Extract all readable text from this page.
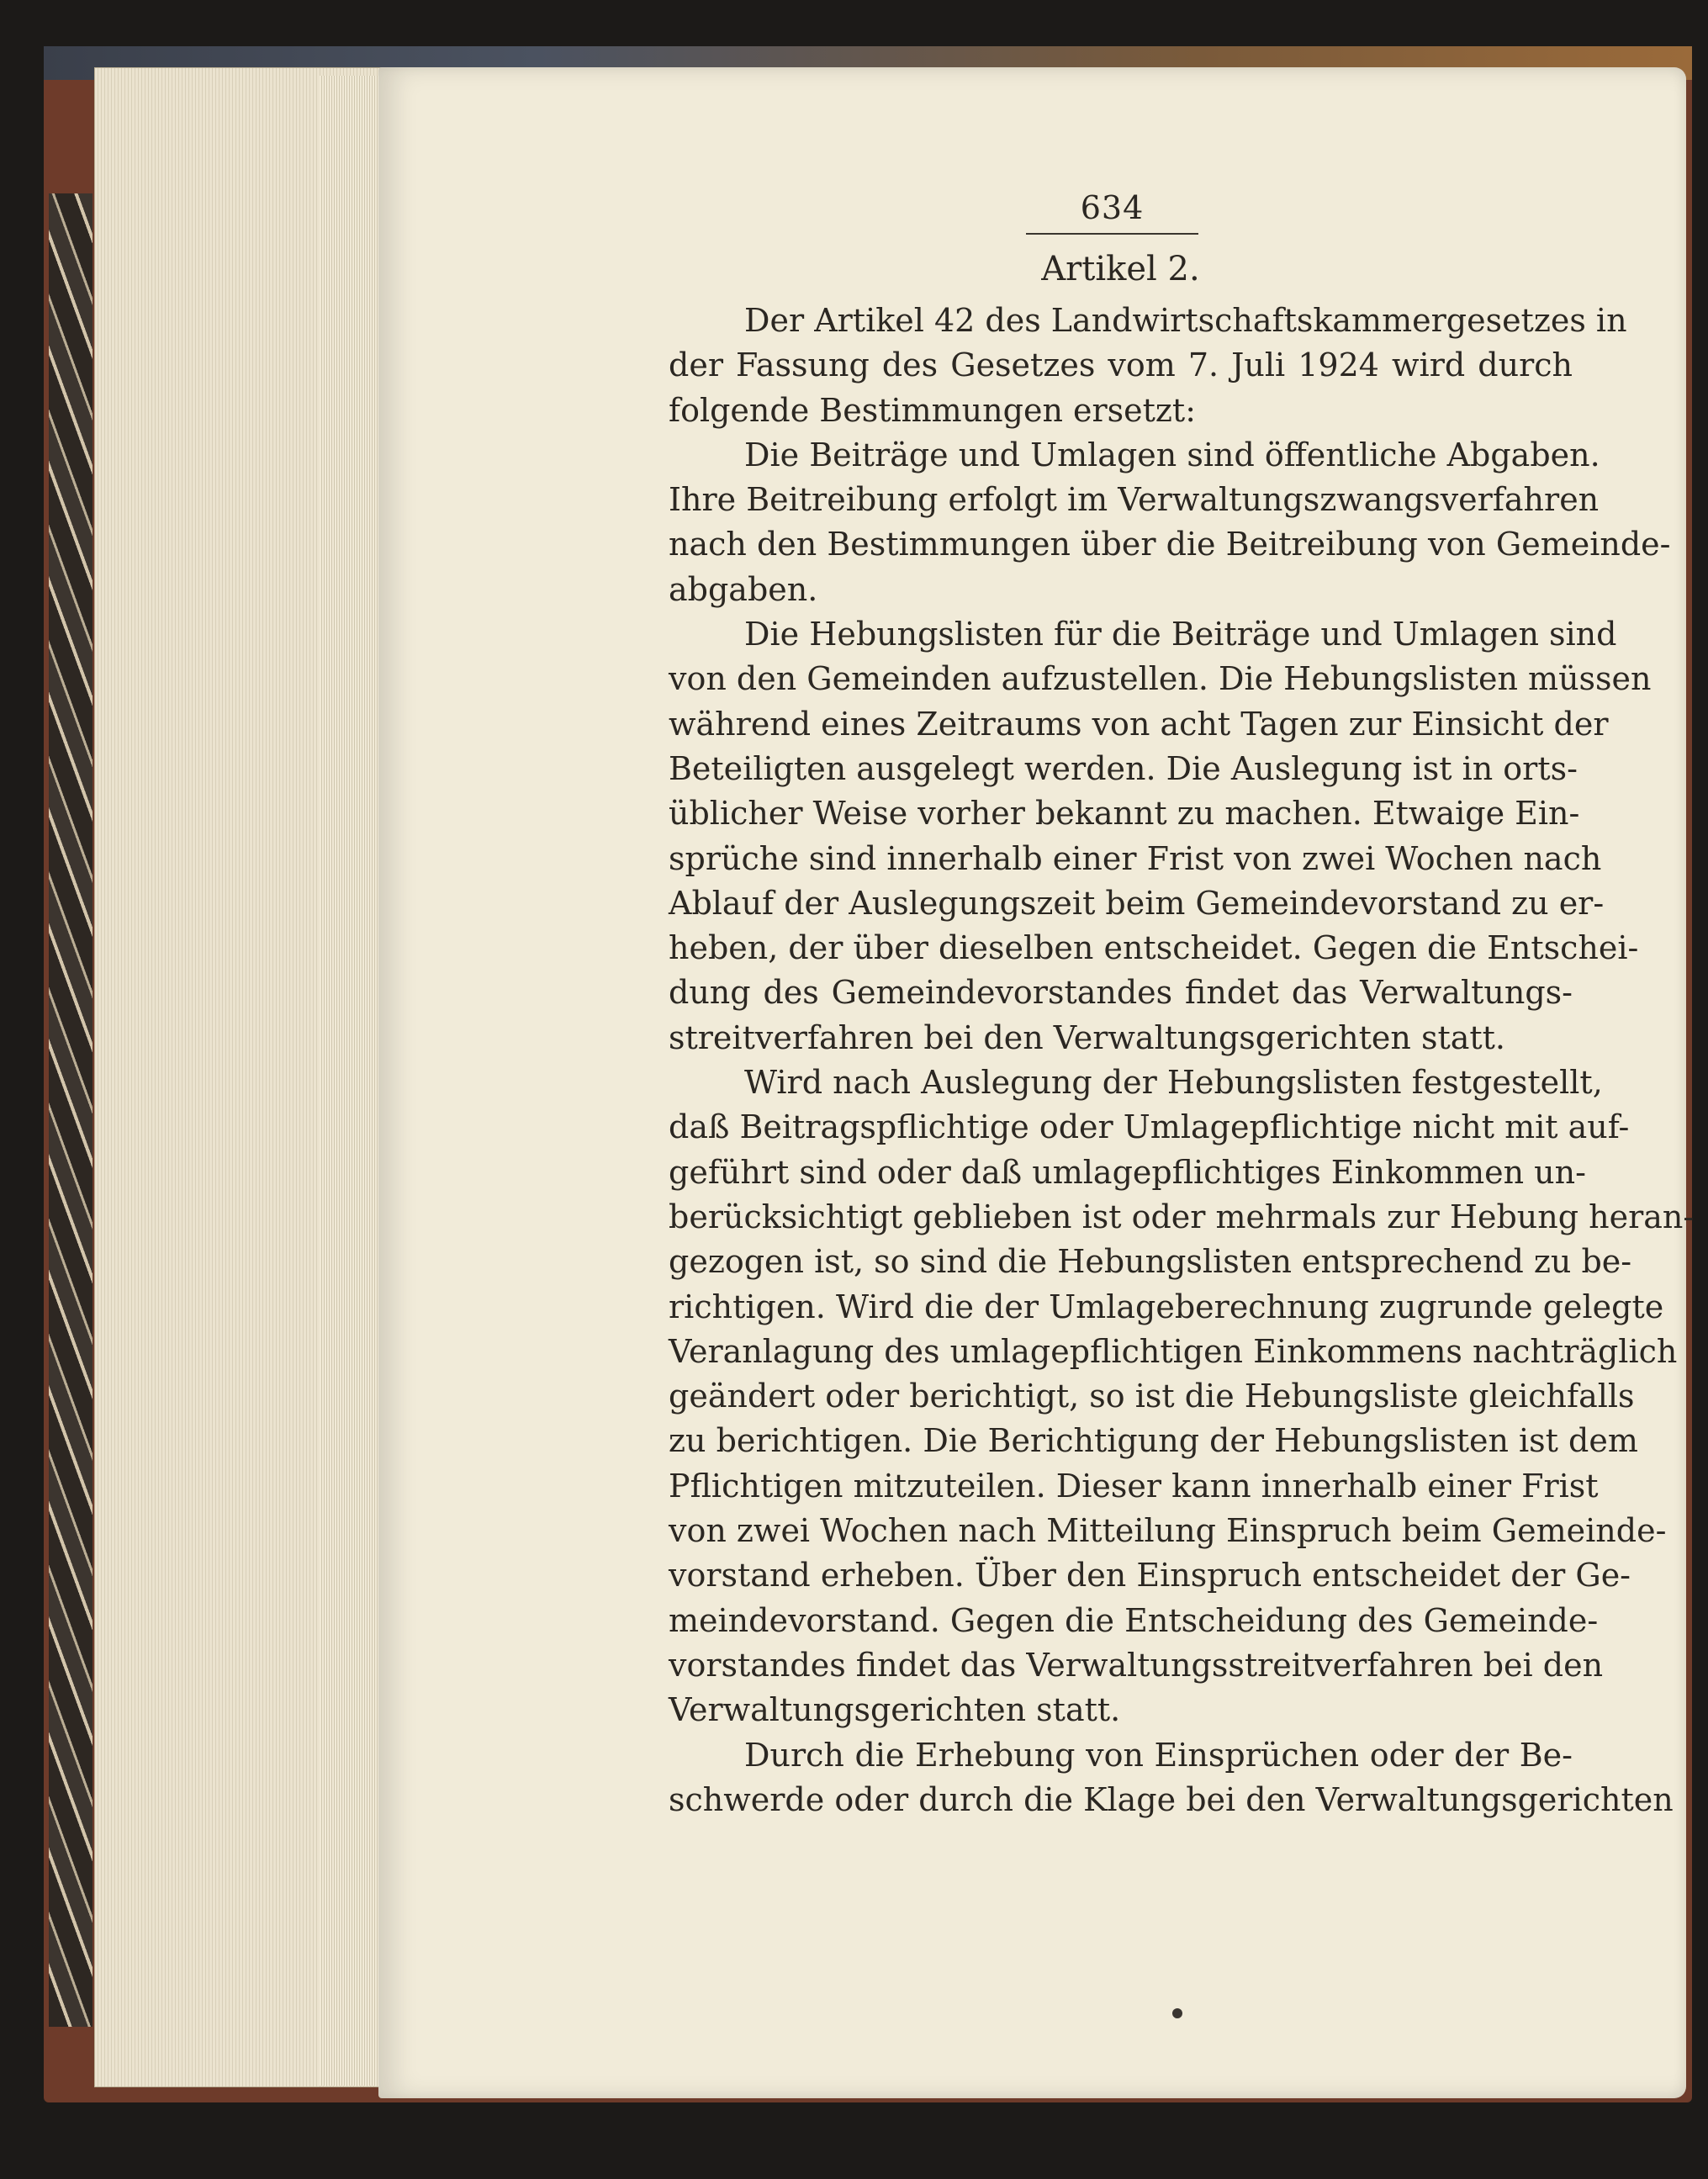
634
Artikel 2.

Der Artikel 42 des Landwirtschaftskammergesetzes in
der Fassung des Gesetzes vom 7. Juli 1924 wird durch
folgende Bestimmungen ersetzt:

Die Beiträge und Umlagen sind öffentliche Abgaben.
Ihre Beitreibung erfolgt im Verwaltungszwangsverfahren
nach den Bestimmungen über die Beitreibung von Gemeinde-
abgaben.

Die Hebungslisten für die Beiträge und Umlagen sind
von den Gemeinden aufzustellen. Die Hebungslisten müssen
während eines Zeitraums von acht Tagen zur Einsicht der
Beteiligten ausgelegt werden. Die Auslegung ist in orts-
üblicher Weise vorher bekannt zu machen. Etwaige Ein-
sprüche sind innerhalb einer Frist von zwei Wochen nach
Ablauf der Auslegungszeit beim Gemeindevorstand zu er-
heben, der über dieselben entscheidet. Gegen die Entschei-
dung des Gemeindevorstandes findet das Verwaltungs-
streitverfahren bei den Verwaltungsgerichten statt.

Wird nach Auslegung der Hebungslisten festgestellt,
daß Beitragspflichtige oder Umlagepflichtige nicht mit auf-
geführt sind oder daß umlagepflichtiges Einkommen un-
berücksichtigt geblieben ist oder mehrmals zur Hebung heran-
gezogen ist, so sind die Hebungslisten entsprechend zu be-
richtigen. Wird die der Umlageberechnung zugrunde gelegte
Veranlagung des umlagepflichtigen Einkommens nachträglich
geändert oder berichtigt, so ist die Hebungsliste gleichfalls
zu berichtigen. Die Berichtigung der Hebungslisten ist dem
Pflichtigen mitzuteilen. Dieser kann innerhalb einer Frist
von zwei Wochen nach Mitteilung Einspruch beim Gemeinde-
vorstand erheben. Über den Einspruch entscheidet der Ge-
meindevorstand. Gegen die Entscheidung des Gemeinde-
vorstandes findet das Verwaltungsstreitverfahren bei den
Verwaltungsgerichten statt.

Durch die Erhebung von Einsprüchen oder der Be-
schwerde oder durch die Klage bei den Verwaltungsgerichten
